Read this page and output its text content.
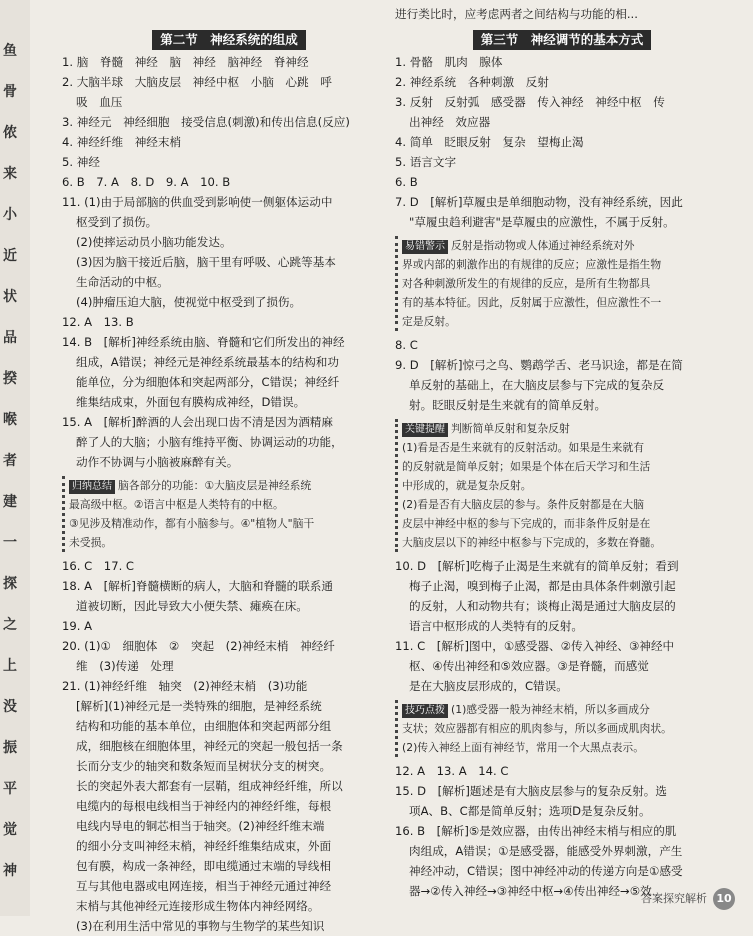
鱼
骨
侬
来
小
近
状
品
揆
喉
者
建
一
探
之
上
没
振
平
觉
神
进行类比时，应考虑两者之间结构与功能的相...
第二节　神经系统的组成
1. 脑　脊髓　神经　脑　神经　脑神经　脊神经
2. 大脑半球　大脑皮层　神经中枢　小脑　心跳　呼
吸　血压
3. 神经元　神经细胞　接受信息(刺激)和传出信息(反应)
4. 神经纤维　神经末梢
5. 神经
6. B　7. A　8. D　9. A　10. B
11. (1)由于局部脑的供血受到影响使一侧躯体运动中
枢受到了损伤。
(2)使摔运动员小脑功能发达。
(3)因为脑干接近后脑，脑干里有呼吸、心跳等基本
生命活动的中枢。
(4)肿瘤压迫大脑，使视觉中枢受到了损伤。
12. A　13. B
14. B　[解析]神经系统由脑、脊髓和它们所发出的神经
组成，A错误；神经元是神经系统最基本的结构和功
能单位，分为细胞体和突起两部分，C错误；神经纤
维集结成束，外面包有膜构成神经，D错误。
15. A　[解析]醉酒的人会出现口齿不清是因为酒精麻
醉了人的大脑；小脑有维持平衡、协调运动的功能，
动作不协调与小脑被麻醉有关。
归纳总结 脑各部分的功能：①大脑皮层是神经系统
最高级中枢。②语言中枢是人类特有的中枢。
③见涉及精准动作，都有小脑参与。④"植物人"脑干
未受损。
16. C　17. C
18. A　[解析]脊髓横断的病人，大脑和脊髓的联系通
道被切断，因此导致大小便失禁、瘫痪在床。
19. A
20. (1)①　细胞体　②　突起　(2)神经末梢　神经纤
维　(3)传递　处理
21. (1)神经纤维　轴突　(2)神经末梢　(3)功能
[解析](1)神经元是一类特殊的细胞，是神经系统
结构和功能的基本单位，由细胞体和突起两部分组
成，细胞核在细胞体里，神经元的突起一般包括一条
长而分支少的轴突和数条短而呈树状分支的树突。
长的突起外表大都套有一层鞘，组成神经纤维，所以
电缆内的每根电线相当于神经内的神经纤维，每根
电线内导电的铜芯相当于轴突。(2)神经纤维末端
的细小分支叫神经末梢，神经纤维集结成束，外面
包有膜，构成一条神经，即电缆通过末端的导线相
互与其他电器或电网连接，相当于神经元通过神经
末梢与其他神经元连接形成生物体内神经网络。
(3)在利用生活中常见的事物与生物学的某些知识
第三节　神经调节的基本方式
1. 骨骼　肌肉　腺体
2. 神经系统　各种刺激　反射
3. 反射　反射弧　感受器　传入神经　神经中枢　传
出神经　效应器
4. 简单　眨眼反射　复杂　望梅止渴
5. 语言文字
6. B
7. D　[解析]草履虫是单细胞动物，没有神经系统，因此
"草履虫趋利避害"是草履虫的应激性，不属于反射。
易错警示 反射是指动物或人体通过神经系统对外
界或内部的刺激作出的有规律的反应；应激性是指生物
对各种刺激所发生的有规律的反应，是所有生物都具
有的基本特征。因此，反射属于应激性，但应激性不一
定是反射。
8. C
9. D　[解析]惊弓之鸟、鹦鹉学舌、老马识途，都是在简
单反射的基础上，在大脑皮层参与下完成的复杂反
射。眨眼反射是生来就有的简单反射。
关键提醒 判断简单反射和复杂反射
(1)看是否是生来就有的反射活动。如果是生来就有
的反射就是简单反射；如果是个体在后天学习和生活
中形成的，就是复杂反射。
(2)看是否有大脑皮层的参与。条件反射都是在大脑
皮层中神经中枢的参与下完成的，而非条件反射是在
大脑皮层以下的神经中枢参与下完成的，多数在脊髓。
10. D　[解析]吃梅子止渴是生来就有的简单反射；看到
梅子止渴，嗅到梅子止渴，都是由具体条件刺激引起
的反射，人和动物共有；谈梅止渴是通过大脑皮层的
语言中枢形成的人类特有的反射。
11. C　[解析]图中，①感受器、②传入神经、③神经中
枢、④传出神经和⑤效应器。③是脊髓，而感觉
是在大脑皮层形成的，C错误。
技巧点拨 (1)感受器一般为神经末梢，所以多画成分
支状；效应器都有相应的肌肉参与，所以多画成肌肉状。
(2)传入神经上面有神经节，常用一个大黑点表示。
12. A　13. A　14. C
15. D　[解析]题述是有大脑皮层参与的复杂反射。选
项A、B、C都是简单反射；选项D是复杂反射。
16. B　[解析]⑤是效应器，由传出神经末梢与相应的肌
肉组成，A错误；①是感受器，能感受外界刺激，产生
神经冲动，C错误；图中神经冲动的传递方向是①感受
器→②传入神经→③神经中枢→④传出神经→⑤效
答案探究解析 10
